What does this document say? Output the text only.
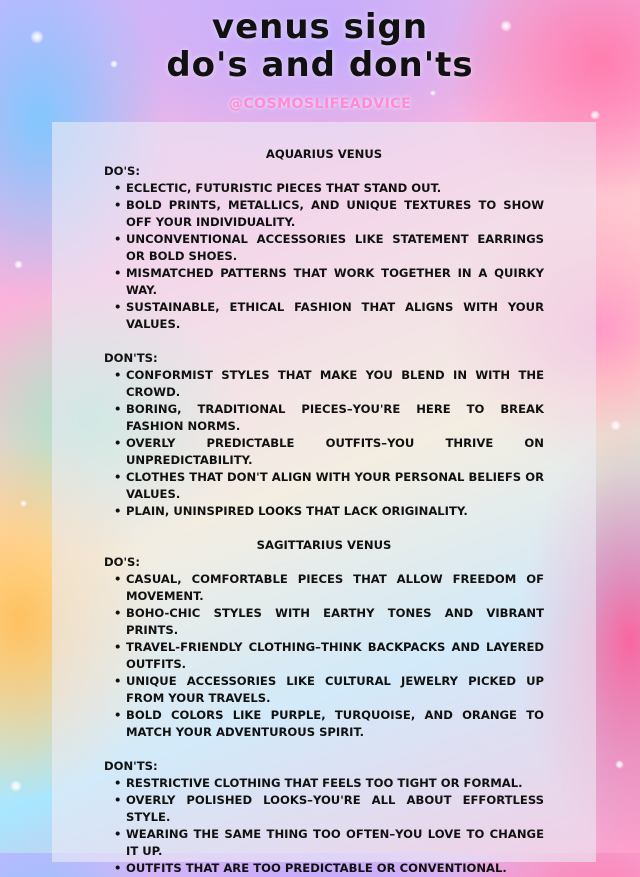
venus sign
do's and don'ts
@COSMOSLIFEADVICE
AQUARIUS VENUS
DO'S:
• ECLECTIC, FUTURISTIC PIECES THAT STAND OUT.
• BOLD PRINTS, METALLICS, AND UNIQUE TEXTURES TO SHOW OFF YOUR INDIVIDUALITY.
• UNCONVENTIONAL ACCESSORIES LIKE STATEMENT EARRINGS OR BOLD SHOES.
• MISMATCHED PATTERNS THAT WORK TOGETHER IN A QUIRKY WAY.
• SUSTAINABLE, ETHICAL FASHION THAT ALIGNS WITH YOUR VALUES.
DON'TS:
• CONFORMIST STYLES THAT MAKE YOU BLEND IN WITH THE CROWD.
• BORING, TRADITIONAL PIECES–YOU'RE HERE TO BREAK FASHION NORMS.
• OVERLY PREDICTABLE OUTFITS–YOU THRIVE ON UNPREDICTABILITY.
• CLOTHES THAT DON'T ALIGN WITH YOUR PERSONAL BELIEFS OR VALUES.
• PLAIN, UNINSPIRED LOOKS THAT LACK ORIGINALITY.
SAGITTARIUS VENUS
DO'S:
• CASUAL, COMFORTABLE PIECES THAT ALLOW FREEDOM OF MOVEMENT.
• BOHO-CHIC STYLES WITH EARTHY TONES AND VIBRANT PRINTS.
• TRAVEL-FRIENDLY CLOTHING–THINK BACKPACKS AND LAYERED OUTFITS.
• UNIQUE ACCESSORIES LIKE CULTURAL JEWELRY PICKED UP FROM YOUR TRAVELS.
• BOLD COLORS LIKE PURPLE, TURQUOISE, AND ORANGE TO MATCH YOUR ADVENTUROUS SPIRIT.
DON'TS:
• RESTRICTIVE CLOTHING THAT FEELS TOO TIGHT OR FORMAL.
• OVERLY POLISHED LOOKS–YOU'RE ALL ABOUT EFFORTLESS STYLE.
• WEARING THE SAME THING TOO OFTEN–YOU LOVE TO CHANGE IT UP.
• OUTFITS THAT ARE TOO PREDICTABLE OR CONVENTIONAL.
